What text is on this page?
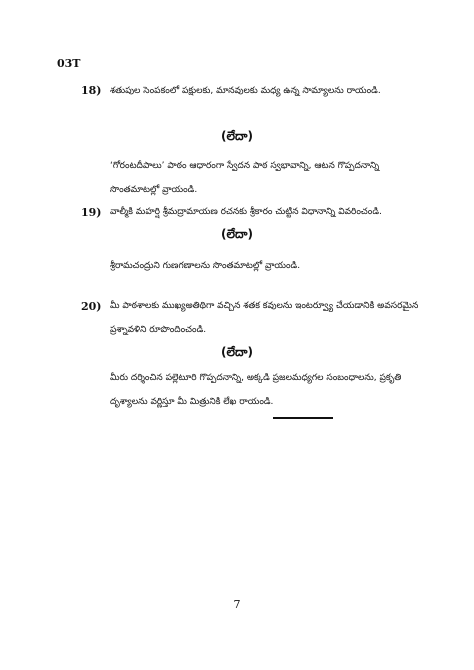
03T
18) శతుపుల సెంపకంలో పక్షులకు, మానవులకు మధ్య ఉన్న సామ్యాలను రాయండి.
(లేదా)
‘గోరంటదీపాలు’ పాఠం ఆధారంగా స్వేదన పాఠ స్వభావాన్ని, ఆటన గొప్పదనాన్ని సొంతమాటల్లో వ్రాయండి.
19) వాల్మీకి మహర్షి శ్రీమద్రామాయణ రచనకు శ్రీకారం చుట్టిన విధానాన్ని వివరించండి.
(లేదా)
శ్రీరామచంద్రుని గుణగణాలను సొంతమాటల్లో వ్రాయండి.
20) మీ పాఠశాలకు ముఖ్యఅతిథిగా వచ్చిన శతక కవులను ఇంటర్వ్యూ చేయడానికి అవసరమైన ప్రశ్నావళిని రూపొందించండి.
(లేదా)
మీరు దర్శించిన పల్లెటూరి గొప్పదనాన్ని, అక్కడి ప్రజలమధ్యగల సంబంధాలను, ప్రకృతి దృశ్యాలను వర్ణిస్తూ మీ మిత్రునికి లేఖ రాయండి.
7
